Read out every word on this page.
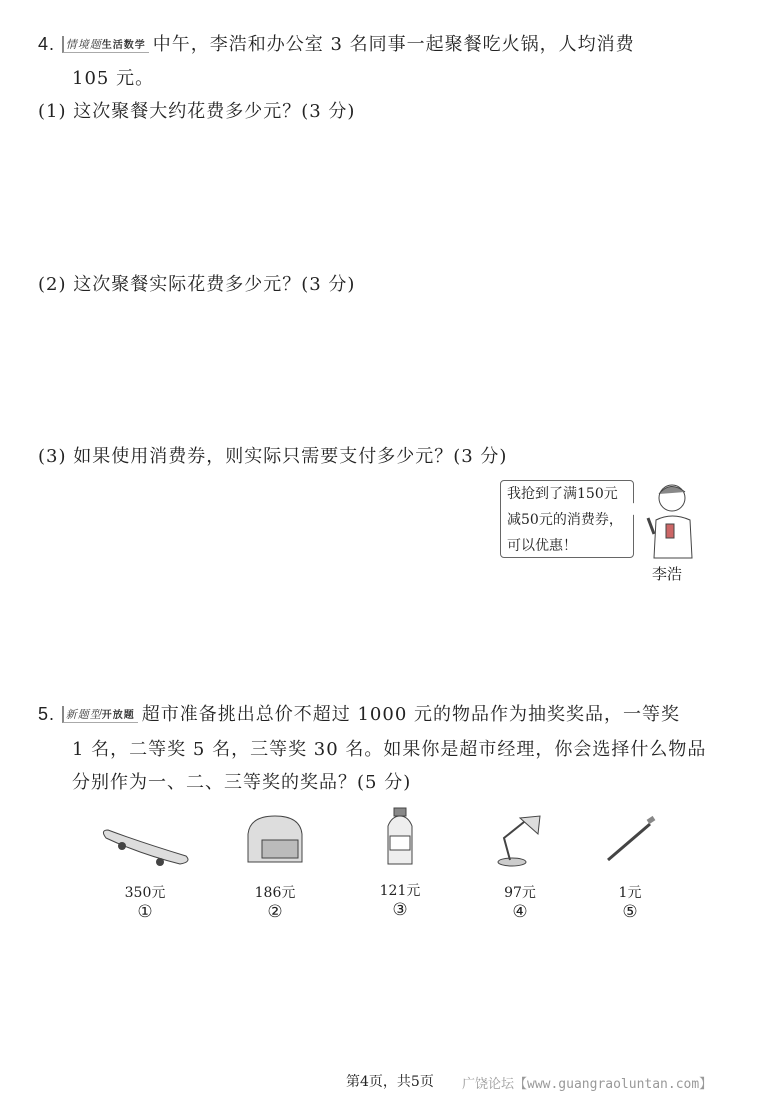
4. 情境题生活数学 中午，李浩和办公室 3 名同事一起聚餐吃火锅，人均消费
105 元。
(1) 这次聚餐大约花费多少元？(3 分)
(2) 这次聚餐实际花费多少元？(3 分)
(3) 如果使用消费券，则实际只需要支付多少元？(3 分)
我抢到了满150元
减50元的消费券，
可以优惠！
李浩
5. 新题型开放题 超市准备挑出总价不超过 1000 元的物品作为抽奖奖品，一等奖
1 名，二等奖 5 名，三等奖 30 名。如果你是超市经理，你会选择什么物品
分别作为一、二、三等奖的奖品？(5 分)
350元
①
186元
②
121元
③
97元
④
1元
⑤
第4页，共5页 广饶论坛【www.guangraoluntan.com】
